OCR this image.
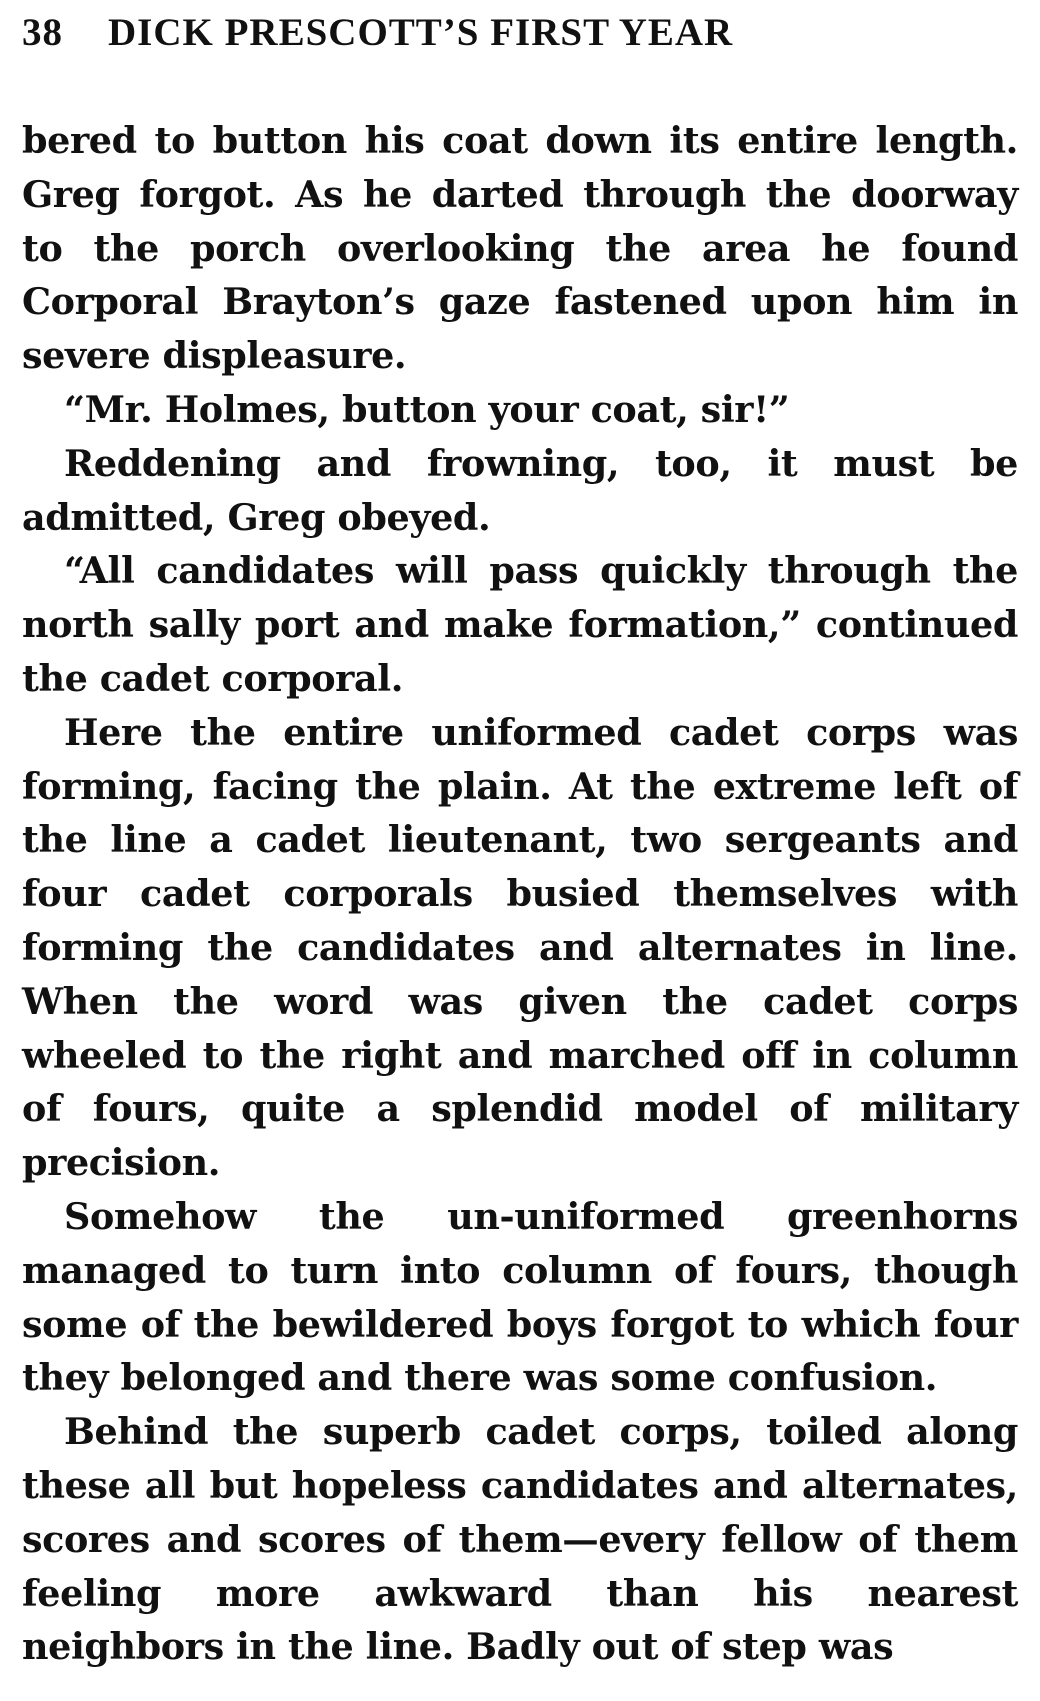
38	DICK PRESCOTT’S FIRST YEAR

bered to button his coat down its entire length. Greg forgot. As he darted through the doorway to the porch overlooking the area he found Corporal Brayton’s gaze fastened upon him in severe displeasure.

“Mr. Holmes, button your coat, sir!”

Reddening and frowning, too, it must be admitted, Greg obeyed.

“All candidates will pass quickly through the north sally port and make formation,” continued the cadet corporal.

Here the entire uniformed cadet corps was forming, facing the plain. At the extreme left of the line a cadet lieutenant, two sergeants and four cadet corporals busied themselves with forming the candidates and alternates in line. When the word was given the cadet corps wheeled to the right and marched off in column of fours, quite a splendid model of military precision.

Somehow the un-uniformed greenhorns managed to turn into column of fours, though some of the bewildered boys forgot to which four they belonged and there was some confusion.

Behind the superb cadet corps, toiled along these all but hopeless candidates and alternates, scores and scores of them—every fellow of them feeling more awkward than his nearest neighbors in the line. Badly out of step was
